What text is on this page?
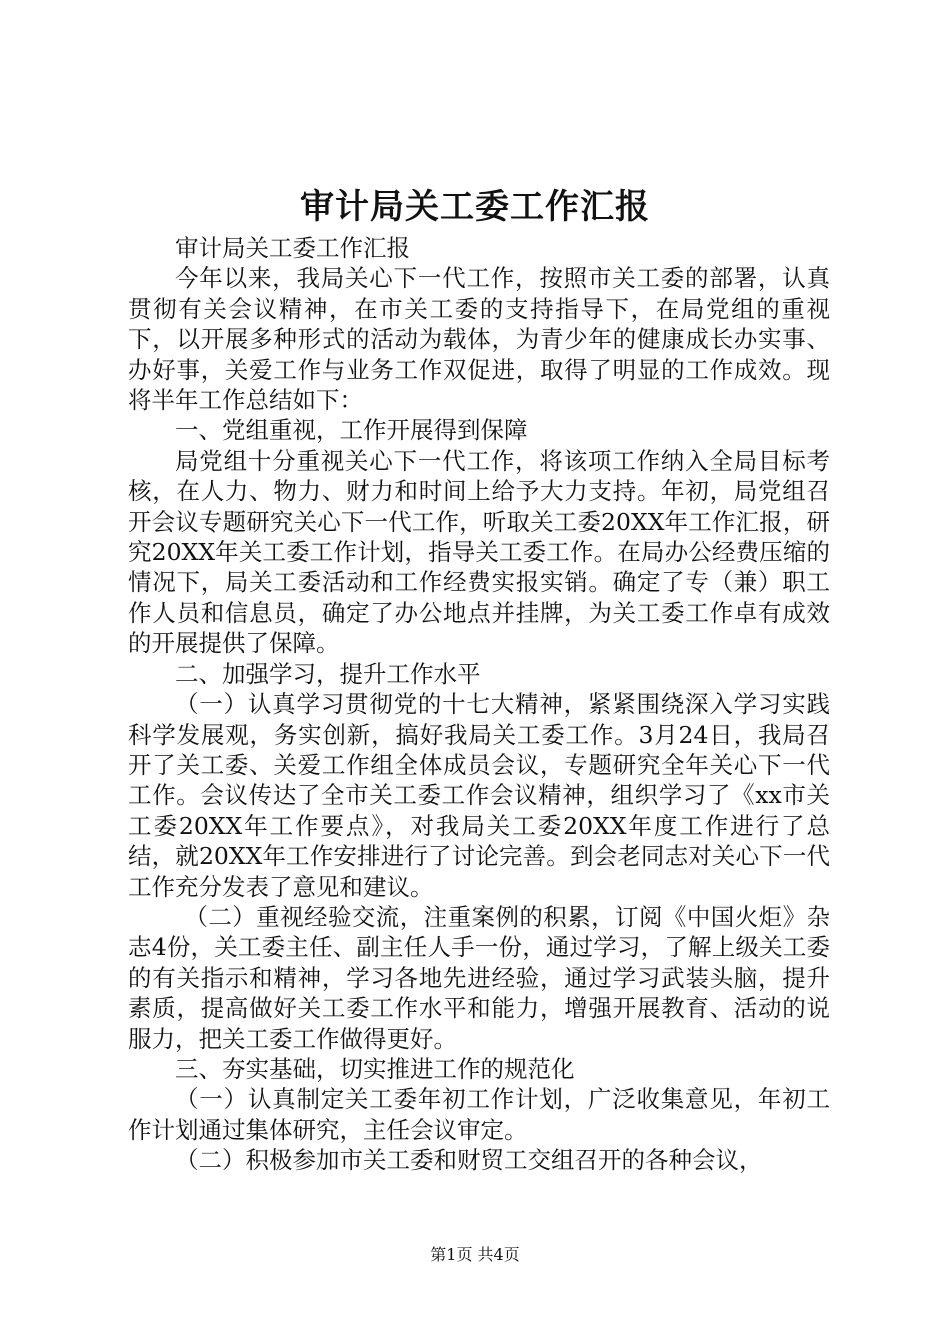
审计局关工委工作汇报

审计局关工委工作汇报

今年以来，我局关心下一代工作，按照市关工委的部署，认真贯彻有关会议精神，在市关工委的支持指导下，在局党组的重视下，以开展多种形式的活动为载体，为青少年的健康成长办实事、办好事，关爱工作与业务工作双促进，取得了明显的工作成效。现将半年工作总结如下：

一、党组重视，工作开展得到保障

局党组十分重视关心下一代工作，将该项工作纳入全局目标考核，在人力、物力、财力和时间上给予大力支持。年初，局党组召开会议专题研究关心下一代工作，听取关工委20XX年工作汇报，研究20XX年关工委工作计划，指导关工委工作。在局办公经费压缩的情况下，局关工委活动和工作经费实报实销。确定了专（兼）职工作人员和信息员，确定了办公地点并挂牌，为关工委工作卓有成效的开展提供了保障。

二、加强学习，提升工作水平

（一）认真学习贯彻党的十七大精神，紧紧围绕深入学习实践科学发展观，务实创新，搞好我局关工委工作。3月24日，我局召开了关工委、关爱工作组全体成员会议，专题研究全年关心下一代工作。会议传达了全市关工委工作会议精神，组织学习了《xx市关工委20XX年工作要点》，对我局关工委20XX年度工作进行了总结，就20XX年工作安排进行了讨论完善。到会老同志对关心下一代工作充分发表了意见和建议。

（二）重视经验交流，注重案例的积累，订阅《中国火炬》杂志4份，关工委主任、副主任人手一份，通过学习，了解上级关工委的有关指示和精神，学习各地先进经验，通过学习武装头脑，提升素质，提高做好关工委工作水平和能力，增强开展教育、活动的说服力，把关工委工作做得更好。

三、夯实基础，切实推进工作的规范化

（一）认真制定关工委年初工作计划，广泛收集意见，年初工作计划通过集体研究，主任会议审定。

（二）积极参加市关工委和财贸工交组召开的各种会议，

第1页 共4页
